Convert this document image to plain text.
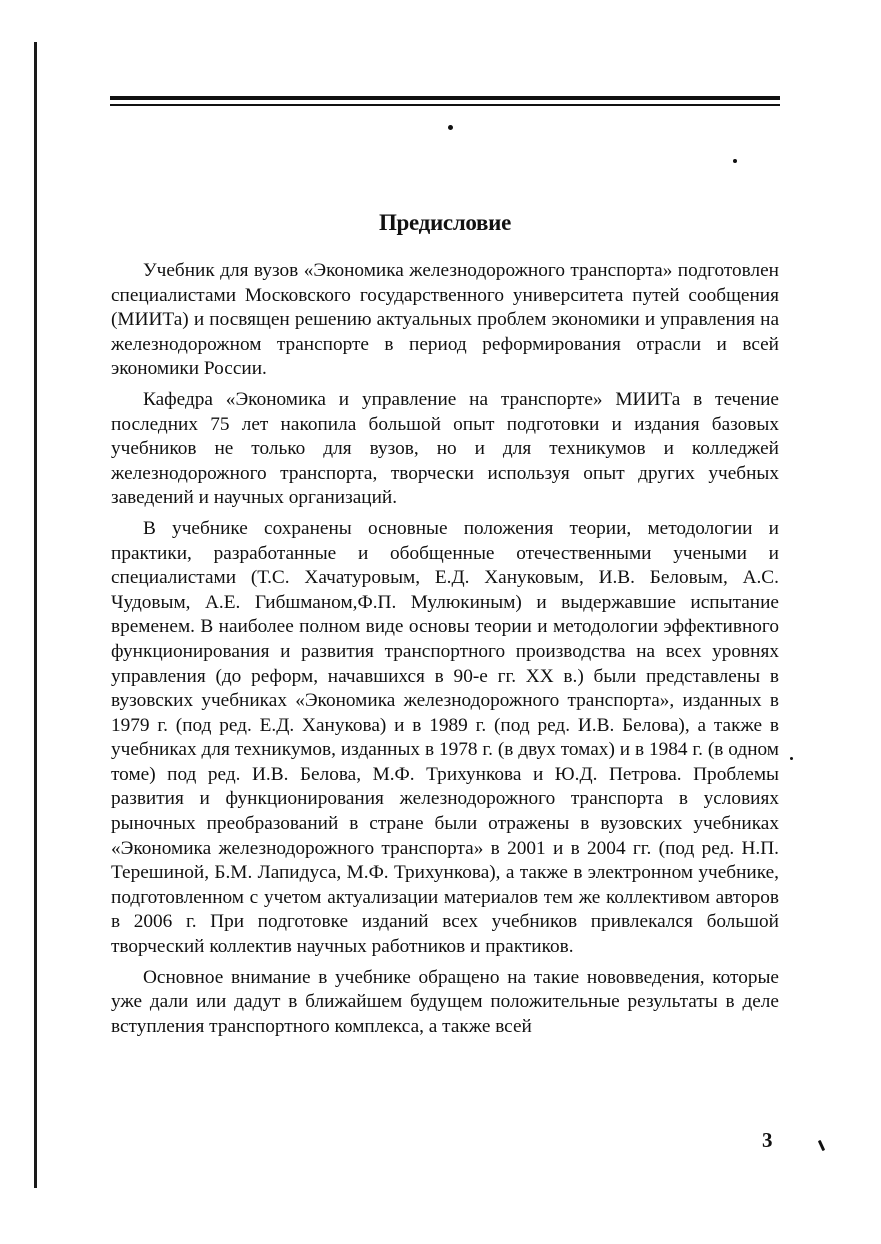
Предисловие

Учебник для вузов «Экономика железнодорожного транспорта» подготовлен специалистами Московского государственного университета путей сообщения (МИИТа) и посвящен решению актуальных проблем экономики и управления на железнодорожном транспорте в период реформирования отрасли и всей экономики России.

Кафедра «Экономика и управление на транспорте» МИИТа в течение последних 75 лет накопила большой опыт подготовки и издания базовых учебников не только для вузов, но и для техникумов и колледжей железнодорожного транспорта, творчески используя опыт других учебных заведений и научных организаций.

В учебнике сохранены основные положения теории, методологии и практики, разработанные и обобщенные отечественными учеными и специалистами (Т.С. Хачатуровым, Е.Д. Хануковым, И.В. Беловым, А.С. Чудовым, А.Е. Гибшманом,Ф.П. Мулюкиным) и выдержавшие испытание временем. В наиболее полном виде основы теории и методологии эффективного функционирования и развития транспортного производства на всех уровнях управления (до реформ, начавшихся в 90-е гг. XX в.) были представлены в вузовских учебниках «Экономика железнодорожного транспорта», изданных в 1979 г. (под ред. Е.Д. Ханукова) и в 1989 г. (под ред. И.В. Белова), а также в учебниках для техникумов, изданных в 1978 г. (в двух томах) и в 1984 г. (в одном томе) под ред. И.В. Белова, М.Ф. Трихункова и Ю.Д. Петрова. Проблемы развития и функционирования железнодорожного транспорта в условиях рыночных преобразований в стране были отражены в вузовских учебниках «Экономика железнодорожного транспорта» в 2001 и в 2004 гг. (под ред. Н.П. Терешиной, Б.М. Лапидуса, М.Ф. Трихункова), а также в электронном учебнике, подготовленном с учетом актуализации материалов тем же коллективом авторов в 2006 г. При подготовке изданий всех учебников привлекался большой творческий коллектив научных работников и практиков.

Основное внимание в учебнике обращено на такие нововведения, которые уже дали или дадут в ближайшем будущем положительные результаты в деле вступления транспортного комплекса, а также всей

3
